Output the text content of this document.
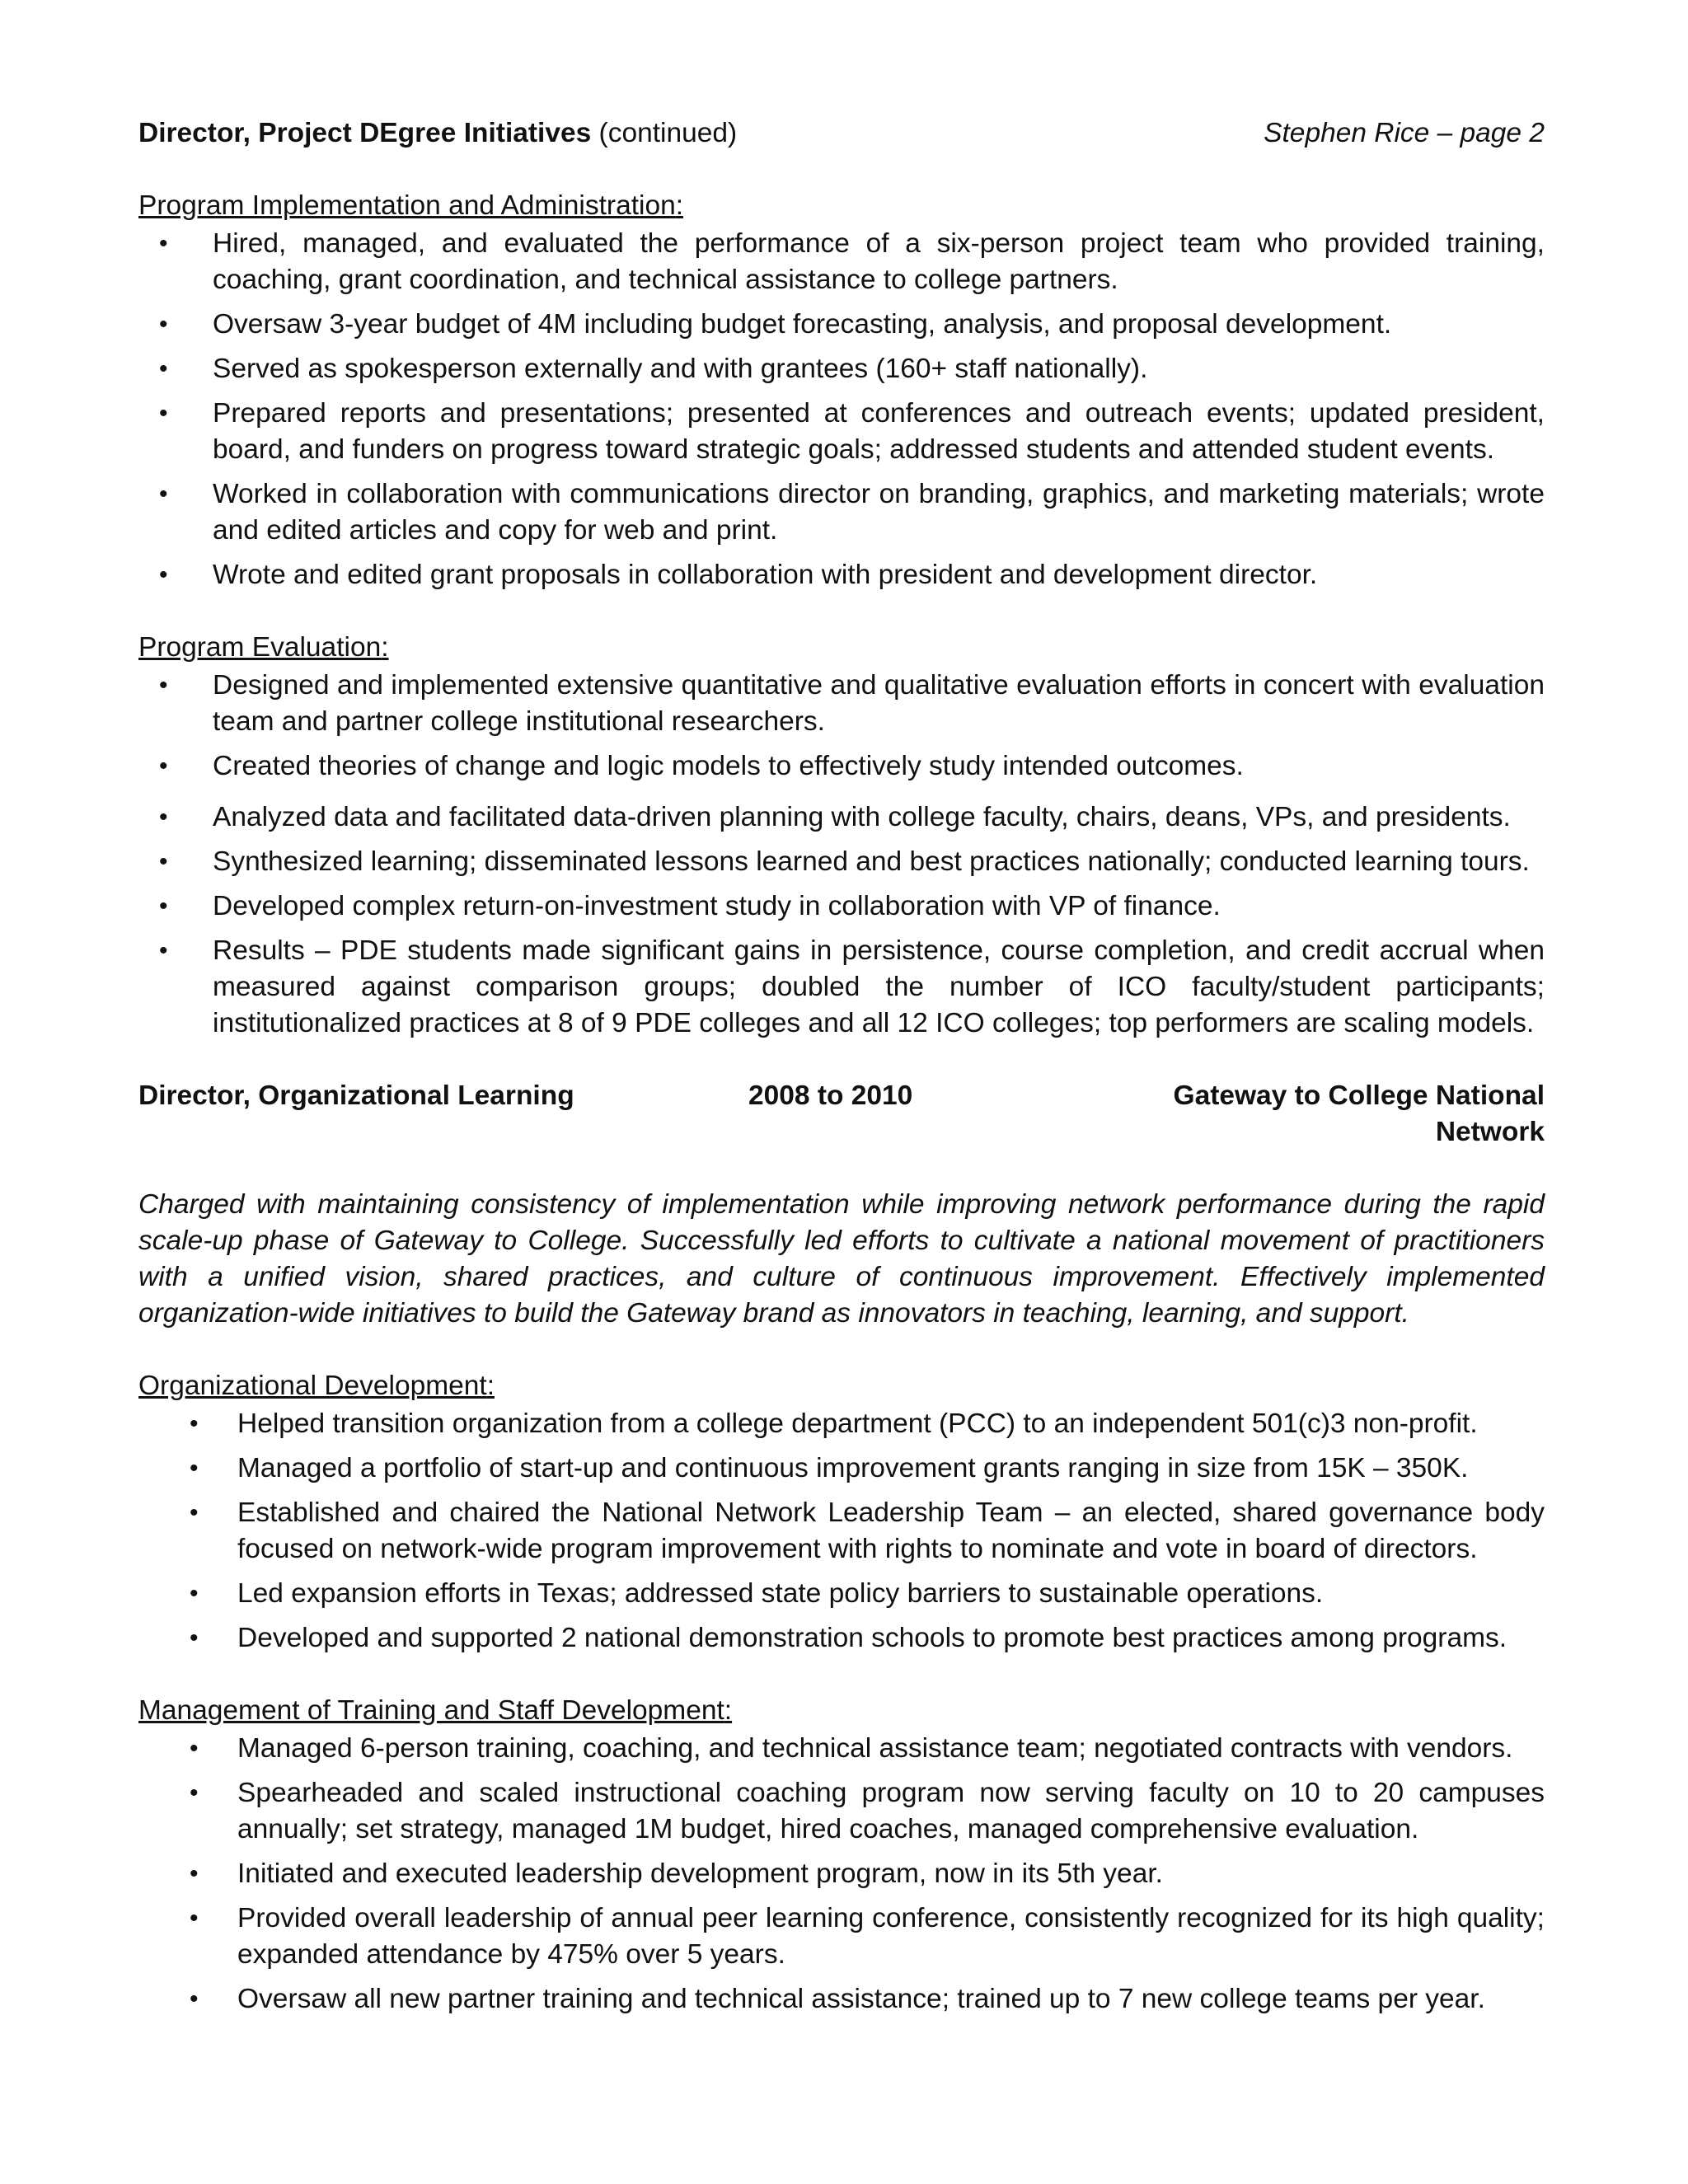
Director, Project DEgree Initiatives (continued)	Stephen Rice – page 2

Program Implementation and Administration:

• Hired, managed, and evaluated the performance of a six-person project team who provided training, coaching, grant coordination, and technical assistance to college partners.
• Oversaw 3-year budget of 4M including budget forecasting, analysis, and proposal development.
• Served as spokesperson externally and with grantees (160+ staff nationally).
• Prepared reports and presentations; presented at conferences and outreach events; updated president, board, and funders on progress toward strategic goals; addressed students and attended student events.
• Worked in collaboration with communications director on branding, graphics, and marketing materials; wrote and edited articles and copy for web and print.
• Wrote and edited grant proposals in collaboration with president and development director.

Program Evaluation:

• Designed and implemented extensive quantitative and qualitative evaluation efforts in concert with evaluation team and partner college institutional researchers.
• Created theories of change and logic models to effectively study intended outcomes.
• Analyzed data and facilitated data-driven planning with college faculty, chairs, deans, VPs, and presidents.
• Synthesized learning; disseminated lessons learned and best practices nationally; conducted learning tours.
• Developed complex return-on-investment study in collaboration with VP of finance.
• Results – PDE students made significant gains in persistence, course completion, and credit accrual when measured against comparison groups; doubled the number of ICO faculty/student participants; institutionalized practices at 8 of 9 PDE colleges and all 12 ICO colleges; top performers are scaling models.
Director, Organizational Learning	2008 to 2010	Gateway to College National Network

Charged with maintaining consistency of implementation while improving network performance during the rapid scale-up phase of Gateway to College. Successfully led efforts to cultivate a national movement of practitioners with a unified vision, shared practices, and culture of continuous improvement. Effectively implemented organization-wide initiatives to build the Gateway brand as innovators in teaching, learning, and support.

Organizational Development:

• Helped transition organization from a college department (PCC) to an independent 501(c)3 non-profit.
• Managed a portfolio of start-up and continuous improvement grants ranging in size from 15K – 350K.
• Established and chaired the National Network Leadership Team – an elected, shared governance body focused on network-wide program improvement with rights to nominate and vote in board of directors.
• Led expansion efforts in Texas; addressed state policy barriers to sustainable operations.
• Developed and supported 2 national demonstration schools to promote best practices among programs.

Management of Training and Staff Development:

• Managed 6-person training, coaching, and technical assistance team; negotiated contracts with vendors.
• Spearheaded and scaled instructional coaching program now serving faculty on 10 to 20 campuses annually; set strategy, managed 1M budget, hired coaches, managed comprehensive evaluation.
• Initiated and executed leadership development program, now in its 5th year.
• Provided overall leadership of annual peer learning conference, consistently recognized for its high quality; expanded attendance by 475% over 5 years.
• Oversaw all new partner training and technical assistance; trained up to 7 new college teams per year.
